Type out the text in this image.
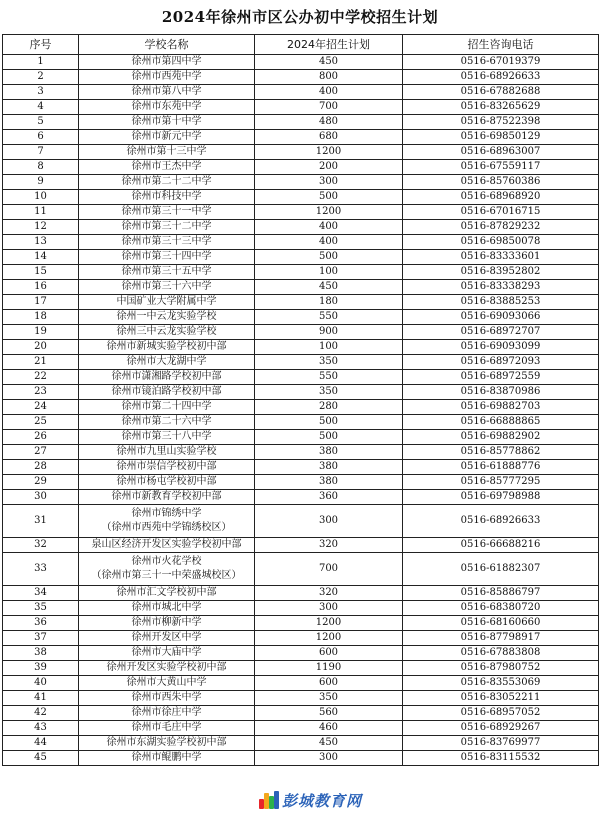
2024年徐州市区公办初中学校招生计划
序号	学校名称	2024年招生计划	招生咨询电话
1	徐州市第四中学	450	0516-67019379
2	徐州市西苑中学	800	0516-68926633
3	徐州市第八中学	400	0516-67882688
4	徐州市东苑中学	700	0516-83265629
5	徐州市第十中学	480	0516-87522398
6	徐州市新元中学	680	0516-69850129
7	徐州市第十三中学	1200	0516-68963007
8	徐州市王杰中学	200	0516-67559117
9	徐州市第二十二中学	300	0516-85760386
10	徐州市科技中学	500	0516-68968920
11	徐州市第三十一中学	1200	0516-67016715
12	徐州市第三十二中学	400	0516-87829232
13	徐州市第三十三中学	400	0516-69850078
14	徐州市第三十四中学	500	0516-83333601
15	徐州市第三十五中学	100	0516-83952802
16	徐州市第三十六中学	450	0516-83338293
17	中国矿业大学附属中学	180	0516-83885253
18	徐州一中云龙实验学校	550	0516-69093066
19	徐州三中云龙实验学校	900	0516-68972707
20	徐州市新城实验学校初中部	100	0516-69093099
21	徐州市大龙湖中学	350	0516-68972093
22	徐州市潇湘路学校初中部	550	0516-68972559
23	徐州市镜泊路学校初中部	350	0516-83870986
24	徐州市第二十四中学	280	0516-69882703
25	徐州市第二十六中学	500	0516-66888865
26	徐州市第三十八中学	500	0516-69882902
27	徐州市九里山实验学校	380	0516-85778862
28	徐州市崇信学校初中部	380	0516-61888776
29	徐州市杨屯学校初中部	380	0516-85777295
30	徐州市新教育学校初中部	360	0516-69798988
31	徐州市锦绣中学
（徐州市西苑中学锦绣校区）	300	0516-68926633
32	泉山区经济开发区实验学校初中部	320	0516-66688216
33	徐州市火花学校
（徐州市第三十一中荣盛城校区）	700	0516-61882307
34	徐州市汇文学校初中部	320	0516-85886797
35	徐州市城北中学	300	0516-68380720
36	徐州市柳新中学	1200	0516-68160660
37	徐州开发区中学	1200	0516-87798917
38	徐州市大庙中学	600	0516-67883808
39	徐州开发区实验学校初中部	1190	0516-87980752
40	徐州市大黄山中学	600	0516-83553069
41	徐州市西朱中学	350	0516-83052211
42	徐州市徐庄中学	560	0516-68957052
43	徐州市毛庄中学	460	0516-68929267
44	徐州市东湖实验学校初中部	450	0516-83769977
45	徐州市鲲鹏中学	300	0516-83115532
彭城教育网
